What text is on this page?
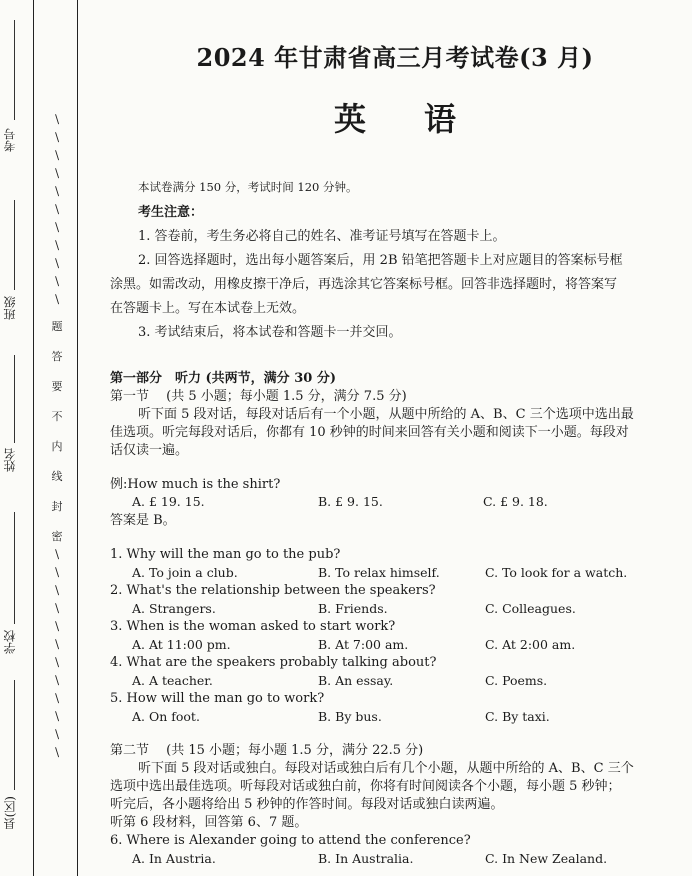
考号
班级
姓名
学校
县(区)
/
/
/
/
/
/
/
/
/
/
/
题
答
要
不
内
线
封
密
/
/
/
/
/
/
/
/
/
/
/
/
2024 年甘肃省高三月考试卷(3 月)
英语
本试卷满分 150 分，考试时间 120 分钟。
考生注意：
1. 答卷前，考生务必将自己的姓名、准考证号填写在答题卡上。
2. 回答选择题时，选出每小题答案后，用 2B 铅笔把答题卡上对应题目的答案标号框
涂黑。如需改动，用橡皮擦干净后，再选涂其它答案标号框。回答非选择题时，将答案写
在答题卡上。写在本试卷上无效。
3. 考试结束后，将本试卷和答题卡一并交回。
第一部分　听力 (共两节，满分 30 分)
第一节　 (共 5 小题；每小题 1.5 分，满分 7.5 分)
听下面 5 段对话，每段对话后有一个小题，从题中所给的 A、B、C 三个选项中选出最
佳选项。听完每段对话后，你都有 10 秒钟的时间来回答有关小题和阅读下一小题。每段对
话仅读一遍。
例:How much is the shirt?
A. £ 19. 15.	B. £ 9. 15.	C. £ 9. 18.
答案是 B。
1. Why will the man go to the pub?
A. To join a club.	B. To relax himself.	C. To look for a watch.
2. What's the relationship between the speakers?
A. Strangers.	B. Friends.	C. Colleagues.
3. When is the woman asked to start work?
A. At 11:00 pm.	B. At 7:00 am.	C. At 2:00 am.
4. What are the speakers probably talking about?
A. A teacher.	B. An essay.	C. Poems.
5. How will the man go to work?
A. On foot.	B. By bus.	C. By taxi.
第二节　 (共 15 小题；每小题 1.5 分，满分 22.5 分)
听下面 5 段对话或独白。每段对话或独白后有几个小题，从题中所给的 A、B、C 三个
选项中选出最佳选项。听每段对话或独白前，你将有时间阅读各个小题，每小题 5 秒钟；
听完后，各小题将给出 5 秒钟的作答时间。每段对话或独白读两遍。
听第 6 段材料，回答第 6、7 题。
6. Where is Alexander going to attend the conference?
A. In Austria.	B. In Australia.	C. In New Zealand.
